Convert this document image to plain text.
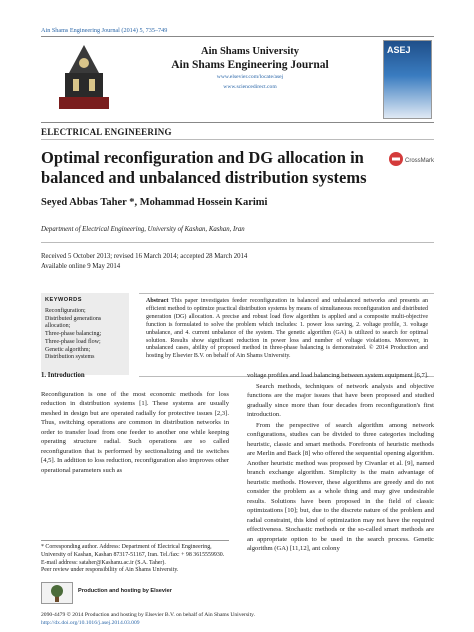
Ain Shams Engineering Journal (2014) 5, 735–749
Ain Shams University
Ain Shams Engineering Journal
www.elsevier.com/locate/asej
www.sciencedirect.com
ASEJ
ELECTRICAL ENGINEERING
Optimal reconfiguration and DG allocation in balanced and unbalanced distribution systems
CrossMark
Seyed Abbas Taher *, Mohammad Hossein Karimi
Department of Electrical Engineering, University of Kashan, Kashan, Iran
Received 5 October 2013; revised 16 March 2014; accepted 28 March 2014
Available online 9 May 2014
KEYWORDS
Reconfiguration;
Distributed generations
allocation;
Three-phase balancing;
Three-phase load flow;
Genetic algorithm;
Distribution systems

Abstract This paper investigates feeder reconfiguration in balanced and unbalanced networks and presents an efficient method to optimize practical distribution systems by means of simultaneous reconfiguration and distributed generation (DG) allocation. A precise and robust load flow algorithm is applied and a composite multi-objective function is formulated to solve the problem which includes: 1. power loss saving, 2. voltage profile, 3. voltage unbalance, and 4. current unbalance of the system. The genetic algorithm (GA) is utilized to search for optimal solution. Results show significant reduction in power loss and number of voltage violations. Moreover, in unbalanced cases, ability of proposed method in three-phase balancing is demonstrated. © 2014 Production and hosting by Elsevier B.V. on behalf of Ain Shams University.

1. Introduction

Reconfiguration is one of the most economic methods for loss reduction in distribution systems [1]. These systems are usually meshed in design but are operated radially for protective issues [2,3]. Thus, switching operations are common in distribution networks in order to transfer load from one feeder to another one while keeping operating structure radial. Such operations are so called reconfiguration that is performed by sectionalizing and tie switches [4,5]. In addition to loss reduction, reconfiguration also improves other operational parameters such as

voltage profiles and load balancing between system equipment [6,7].

Search methods, techniques of network analysis and objective functions are the major issues that have been proposed and studied gradually since more than four decades from reconfiguration's first introduction.

From the perspective of search algorithm among network configurations, studies can be divided to three categories including heuristic, classic and smart methods. Forefronts of heuristic methods are Merlin and Back [8] who offered the sequential opening algorithm. Another heuristic method was proposed by Civanlar et al. [9], named branch exchange algorithm. Simplicity is the main advantage of heuristic methods. However, these algorithms are greedy and do not consider the problem as a whole thing and may give undesirable results. Solutions have been proposed in the field of classic optimizations [10]; but, due to the discrete nature of the problem and radial constraint, this kind of optimization may not have the required effectiveness. Stochastic methods or the so-called smart methods are an appropriate option to be used in the search process. Genetic algorithm (GA) [11,12], ant colony

* Corresponding author. Address: Department of Electrical Engineering, University of Kashan, Kashan 87317-51167, Iran. Tel./fax: + 98 3615559930.
E-mail address: sataher@Kashanu.ac.ir (S.A. Taher).
Peer review under responsibility of Ain Shams University.
Production and hosting by Elsevier
2090-4479 © 2014 Production and hosting by Elsevier B.V. on behalf of Ain Shams University.
http://dx.doi.org/10.1016/j.asej.2014.03.009
